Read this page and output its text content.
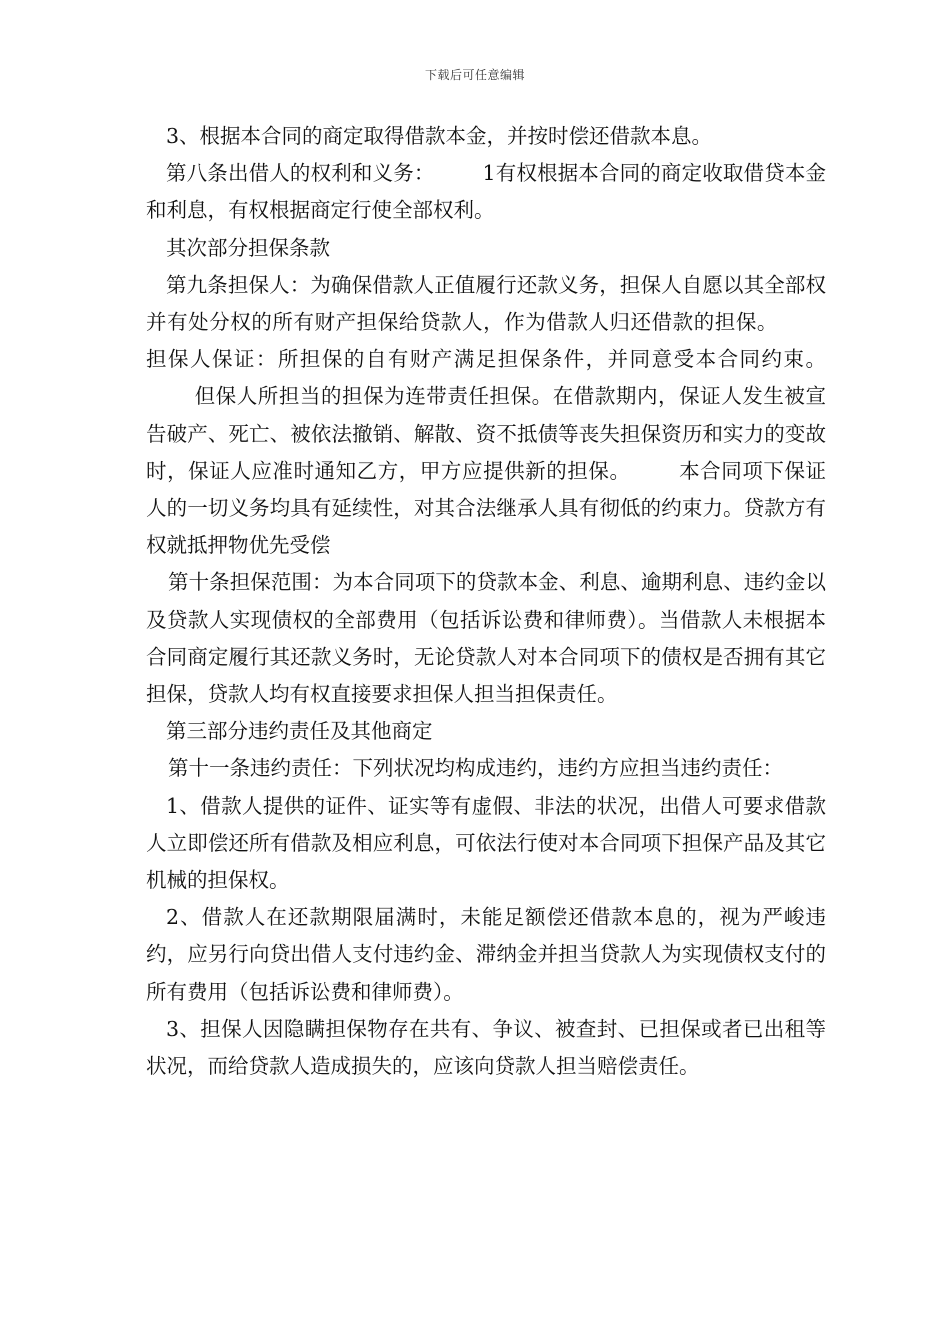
下载后可任意编辑

3、根据本合同的商定取得借款本金，并按时偿还借款本息。

第八条出借人的权利和义务： 1有权根据本合同的商定收取借贷本金和利息，有权根据商定行使全部权利。

其次部分担保条款

第九条担保人：为确保借款人正值履行还款义务，担保人自愿以其全部权并有处分权的所有财产担保给贷款人，作为借款人归还借款的担保。担保人保证：所担保的自有财产满足担保条件，并同意受本合同约束。但保人所担当的担保为连带责任担保。在借款期内，保证人发生被宣告破产、死亡、被依法撤销、解散、资不抵债等丧失担保资历和实力的变故时，保证人应准时通知乙方，甲方应提供新的担保。 本合同项下保证人的一切义务均具有延续性，对其合法继承人具有彻低的约束力。贷款方有权就抵押物优先受偿

第十条担保范围：为本合同项下的贷款本金、利息、逾期利息、违约金以及贷款人实现债权的全部费用（包括诉讼费和律师费）。当借款人未根据本合同商定履行其还款义务时，无论贷款人对本合同项下的债权是否拥有其它担保，贷款人均有权直接要求担保人担当担保责任。

第三部分违约责任及其他商定

第十一条违约责任：下列状况均构成违约，违约方应担当违约责任：

1、借款人提供的证件、证实等有虚假、非法的状况，出借人可要求借款人立即偿还所有借款及相应利息，可依法行使对本合同项下担保产品及其它机械的担保权。

2、借款人在还款期限届满时，未能足额偿还借款本息的，视为严峻违约，应另行向贷出借人支付违约金、滞纳金并担当贷款人为实现债权支付的所有费用（包括诉讼费和律师费）。

3、担保人因隐瞒担保物存在共有、争议、被查封、已担保或者已出租等状况，而给贷款人造成损失的，应该向贷款人担当赔偿责任。
